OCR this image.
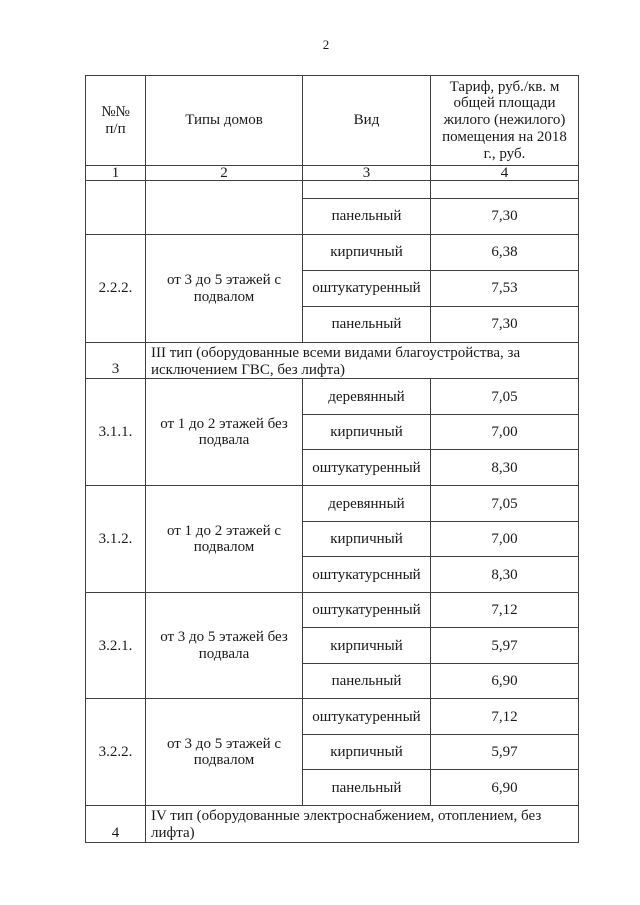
2
№№ п/п	Типы домов	Вид	Тариф, руб./кв. м общей площади жилого (нежилого) помещения на 2018 г., руб.
1	2	3	4

		панельный	7,30
2.2.2.	от 3 до 5 этажей с подвалом	кирпичный	6,38
		оштукатуренный	7,53
		панельный	7,30
3	III тип (оборудованные всеми видами благоустройства, за исключением ГВС, без лифта)		
3.1.1.	от 1 до 2 этажей без подвала	деревянный	7,05
		кирпичный	7,00
		оштукатуренный	8,30
3.1.2.	от 1 до 2 этажей с подвалом	деревянный	7,05
		кирпичный	7,00
		оштукатурснный	8,30
3.2.1.	от 3 до 5 этажей без подвала	оштукатуренный	7,12
		кирпичный	5,97
		панельный	6,90
3.2.2.	от 3 до 5 этажей с подвалом	оштукатуренный	7,12
		кирпичный	5,97
		панельный	6,90
4	IV тип (оборудованные электроснабжением, отоплением, без лифта)		
